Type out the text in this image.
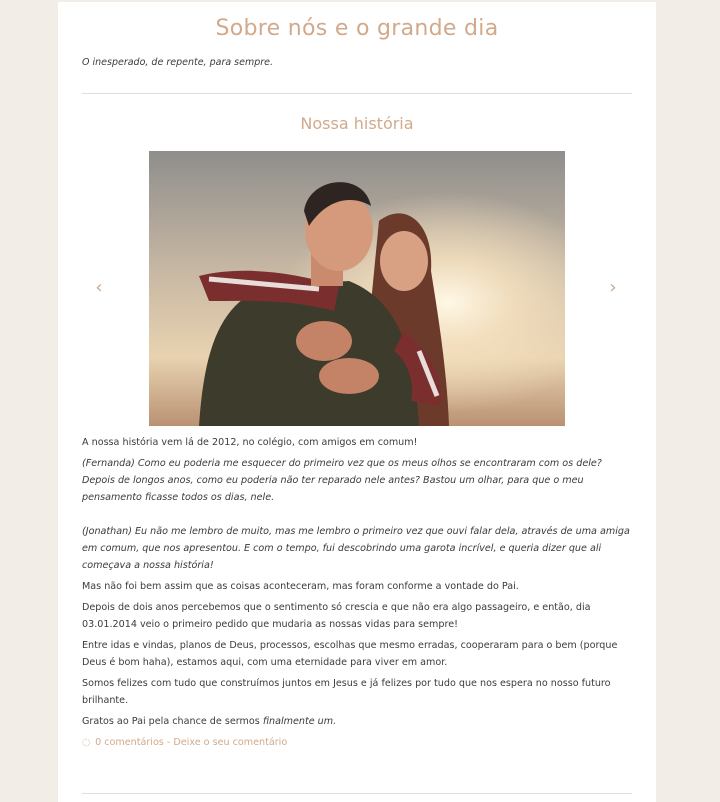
Sobre nós e o grande dia
O inesperado, de repente, para sempre.
Nossa história
‹	›

A nossa história vem lá de 2012, no colégio, com amigos em comum!

(Fernanda) Como eu poderia me esquecer do primeiro vez que os meus olhos se encontraram com os dele? Depois de longos anos, como eu poderia não ter reparado nele antes? Bastou um olhar, para que o meu pensamento ficasse todos os dias, nele.

(Jonathan) Eu não me lembro de muito, mas me lembro o primeiro vez que ouvi falar dela, através de uma amiga em comum, que nos apresentou. E com o tempo, fui descobrindo uma garota incrível, e queria dizer que ali começava a nossa história!

Mas não foi bem assim que as coisas aconteceram, mas foram conforme a vontade do Pai.

Depois de dois anos percebemos que o sentimento só crescia e que não era algo passageiro, e então, dia 03.01.2014 veio o primeiro pedido que mudaria as nossas vidas para sempre!

Entre idas e vindas, planos de Deus, processos, escolhas que mesmo erradas, cooperaram para o bem (porque Deus é bom haha), estamos aqui, com uma eternidade para viver em amor.

Somos felizes com tudo que construímos juntos em Jesus e já felizes por tudo que nos espera no nosso futuro brilhante.

Gratos ao Pai pela chance de sermos finalmente um.

◌ 0 comentários - Deixe o seu comentário
